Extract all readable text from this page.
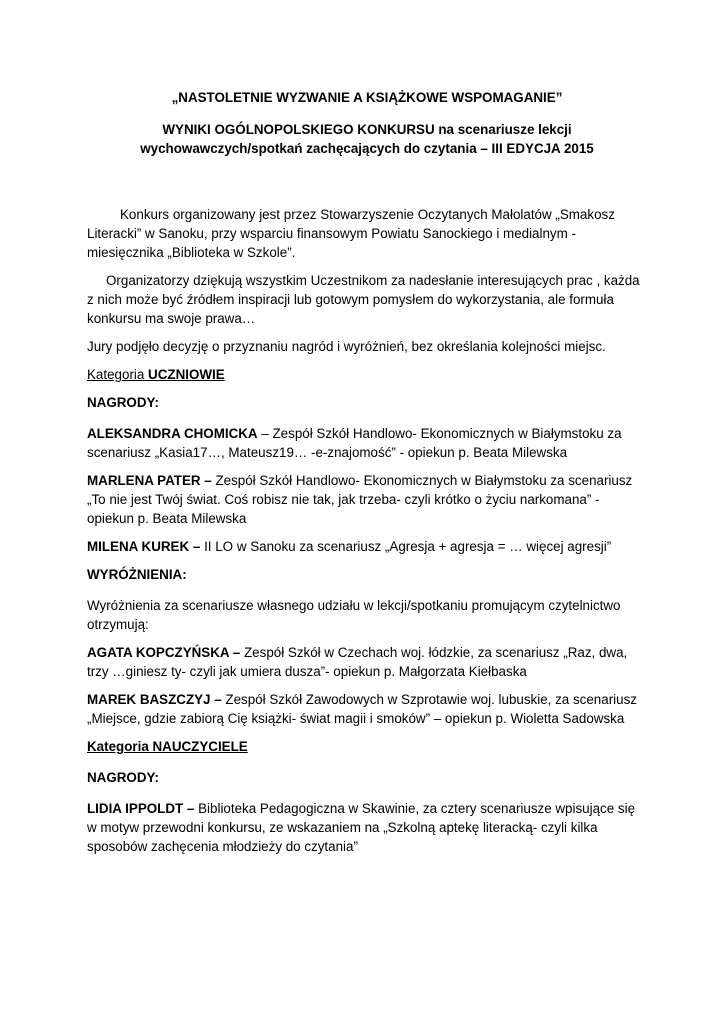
„NASTOLETNIE WYZWANIE A KSIĄŻKOWE WSPOMAGANIE”

WYNIKI OGÓLNOPOLSKIEGO KONKURSU na scenariusze lekcji wychowawczych/spotkań zachęcających do czytania – III EDYCJA 2015

Konkurs organizowany jest przez Stowarzyszenie Oczytanych Małolatów „Smakosz Literacki” w Sanoku, przy wsparciu finansowym Powiatu Sanockiego i medialnym - miesięcznika „Biblioteka w Szkole”.

Organizatorzy dziękują wszystkim Uczestnikom za nadesłanie interesujących prac , każda z nich może być źródłem inspiracji lub gotowym pomysłem do wykorzystania, ale formuła konkursu ma swoje prawa…

Jury podjęło decyzję o przyznaniu nagród i wyróżnień, bez określania kolejności miejsc.

Kategoria UCZNIOWIE

NAGRODY:

ALEKSANDRA CHOMICKA – Zespół Szkół Handlowo- Ekonomicznych w Białymstoku za scenariusz „Kasia17…, Mateusz19… -e-znajomość” - opiekun p. Beata Milewska

MARLENA PATER – Zespół Szkół Handlowo- Ekonomicznych w Białymstoku za scenariusz „To nie jest Twój świat. Coś robisz nie tak, jak trzeba- czyli krótko o życiu narkomana” - opiekun p. Beata Milewska

MILENA KUREK – II LO w Sanoku za scenariusz „Agresja + agresja = … więcej agresji”

WYRÓŻNIENIA:

Wyróżnienia za scenariusze własnego udziału w lekcji/spotkaniu promującym czytelnictwo otrzymują:

AGATA KOPCZYŃSKA – Zespół Szkół w Czechach woj. łódzkie, za scenariusz „Raz, dwa, trzy …giniesz ty- czyli jak umiera dusza”- opiekun p. Małgorzata Kiełbaska

MAREK BASZCZYJ – Zespół Szkół Zawodowych w Szprotawie woj. lubuskie, za scenariusz „Miejsce, gdzie zabiorą Cię książki- świat magii i smoków” – opiekun p. Wioletta Sadowska

Kategoria NAUCZYCIELE

NAGRODY:

LIDIA IPPOLDT – Biblioteka Pedagogiczna w Skawinie, za cztery scenariusze wpisujące się w motyw przewodni konkursu, ze wskazaniem na „Szkolną aptekę literacką- czyli kilka sposobów zachęcenia młodzieży do czytania”
